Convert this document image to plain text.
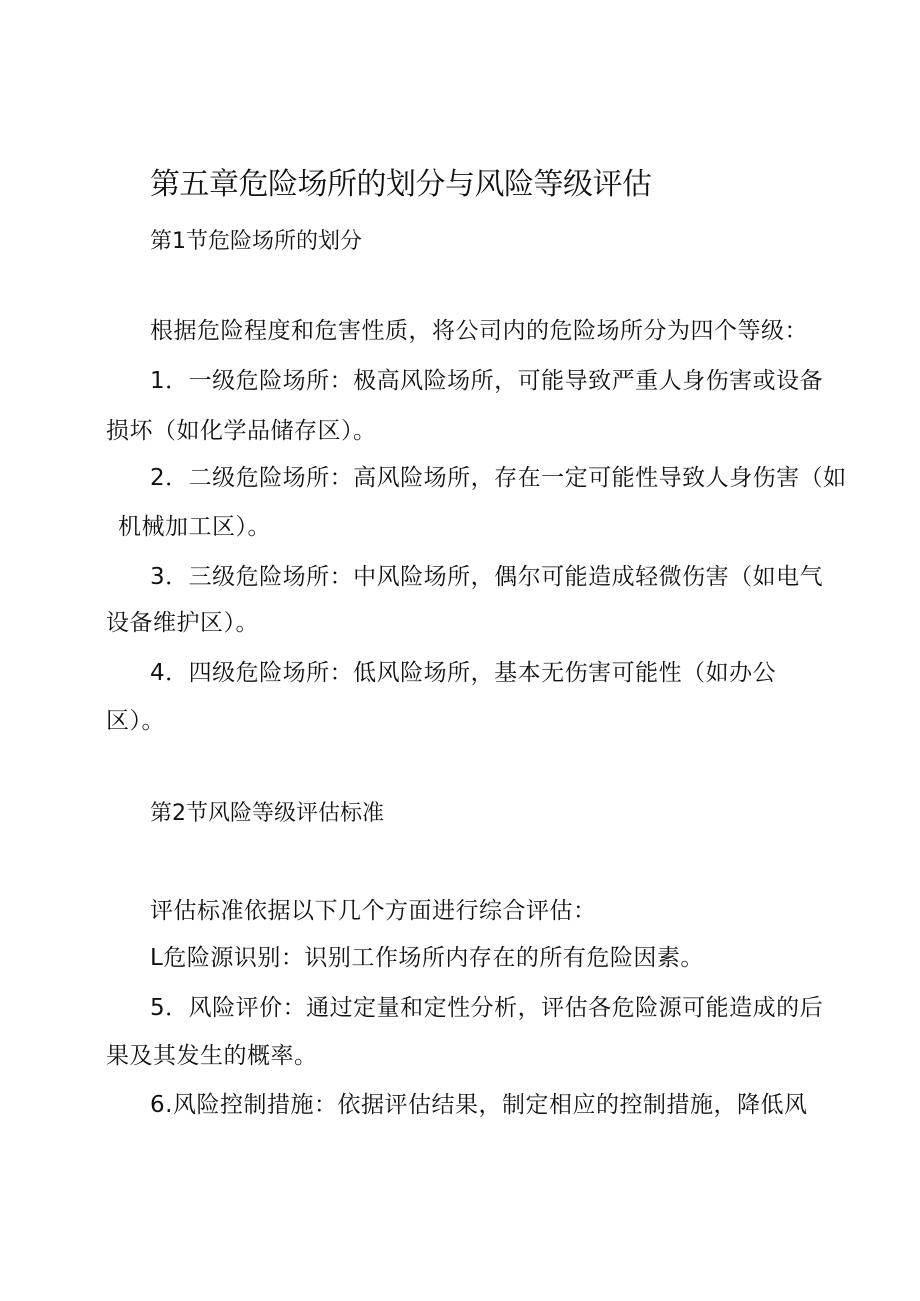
第五章危险场所的划分与风险等级评估
第1节危险场所的划分
根据危险程度和危害性质，将公司内的危险场所分为四个等级：
1．一级危险场所：极高风险场所，可能导致严重人身伤害或设备
损坏（如化学品储存区）。
2．二级危险场所：高风险场所，存在一定可能性导致人身伤害（如
机械加工区）。
3．三级危险场所：中风险场所，偶尔可能造成轻微伤害（如电气
设备维护区）。
4．四级危险场所：低风险场所，基本无伤害可能性（如办公
区）。
第2节风险等级评估标准
评估标准依据以下几个方面进行综合评估：
L危险源识别：识别工作场所内存在的所有危险因素。
5．风险评价：通过定量和定性分析，评估各危险源可能造成的后
果及其发生的概率。
6.风险控制措施：依据评估结果，制定相应的控制措施，降低风
